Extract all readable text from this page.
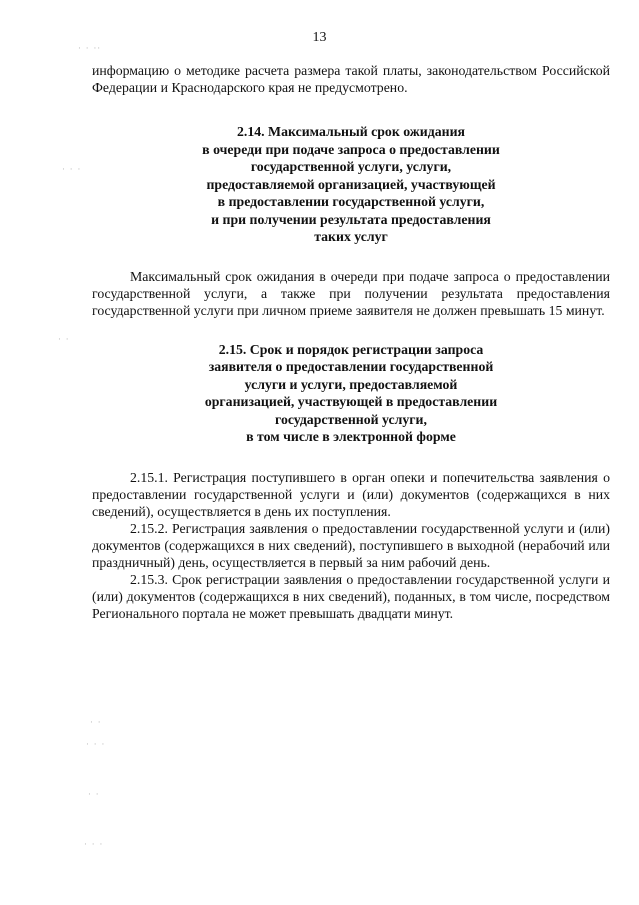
13

информацию о методике расчета размера такой платы, законодательством Российской Федерации и Краснодарского края не предусмотрено.

2.14. Максимальный срок ожидания
в очереди при подаче запроса о предоставлении
государственной услуги, услуги,
предоставляемой организацией, участвующей
в предоставлении государственной услуги,
и при получении результата предоставления
таких услуг

Максимальный срок ожидания в очереди при подаче запроса о предоставлении государственной услуги, а также при получении результата предоставления государственной услуги при личном приеме заявителя не должен превышать 15 минут.

2.15. Срок и порядок регистрации запроса
заявителя о предоставлении государственной
услуги и услуги, предоставляемой
организацией, участвующей в предоставлении
государственной услуги,
в том числе в электронной форме

2.15.1. Регистрация поступившего в орган опеки и попечительства заявления о предоставлении государственной услуги и (или) документов (содержащихся в них сведений), осуществляется в день их поступления.

2.15.2. Регистрация заявления о предоставлении государственной услуги и (или) документов (содержащихся в них сведений), поступившего в выходной (нерабочий или праздничный) день, осуществляется в первый за ним рабочий день.

2.15.3. Срок регистрации заявления о предоставлении государственной услуги и (или) документов (содержащихся в них сведений), поданных, в том числе, посредством Регионального портала не может превышать двадцати минут.

· · ··
· · ·
· ·
· ·
· · ·
· ·
· · ·
